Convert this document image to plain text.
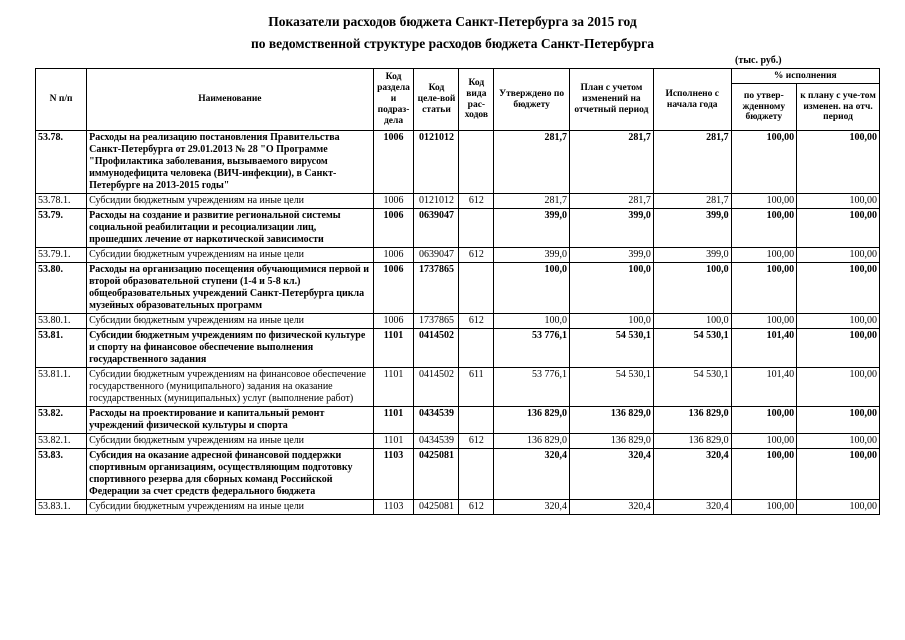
Показатели расходов бюджета Санкт-Петербурга за 2015 год
по ведомственной структуре расходов бюджета Санкт-Петербурга
(тыс. руб.)
N п/п	Наименование	Код раздела и подраз-дела	Код целе-вой статьи	Код вида рас-ходов	Утверждено по бюджету	План с учетом изменений на отчетный период	Исполнено с начала года	% исполнения	
								по утвер-жденному бюджету	к плану с уче-том изменен. на отч. период
53.78.	Расходы на реализацию постановления Правительства Санкт-Петербурга от 29.01.2013 № 28 "О Программе "Профилактика заболевания, вызываемого вирусом иммунодефицита человека (ВИЧ-инфекции), в Санкт-Петербурге на 2013-2015 годы"	1006	0121012		281,7	281,7	281,7	100,00	100,00
53.78.1.	Субсидии бюджетным учреждениям на иные цели	1006	0121012	612	281,7	281,7	281,7	100,00	100,00
53.79.	Расходы на создание и развитие региональной системы социальной реабилитации и ресоциализации лиц, прошедших лечение от наркотической зависимости	1006	0639047		399,0	399,0	399,0	100,00	100,00
53.79.1.	Субсидии бюджетным учреждениям на иные цели	1006	0639047	612	399,0	399,0	399,0	100,00	100,00
53.80.	Расходы на организацию посещения обучающимися первой и второй образовательной ступени (1-4 и 5-8 кл.) общеобразовательных учреждений Санкт-Петербурга цикла музейных образовательных программ	1006	1737865		100,0	100,0	100,0	100,00	100,00
53.80.1.	Субсидии бюджетным учреждениям на иные цели	1006	1737865	612	100,0	100,0	100,0	100,00	100,00
53.81.	Субсидии бюджетным учреждениям по физической культуре и спорту на финансовое обеспечение выполнения государственного задания	1101	0414502		53 776,1	54 530,1	54 530,1	101,40	100,00
53.81.1.	Субсидии бюджетным учреждениям на финансовое обеспечение государственного (муниципального) задания на оказание государственных (муниципальных) услуг (выполнение работ)	1101	0414502	611	53 776,1	54 530,1	54 530,1	101,40	100,00
53.82.	Расходы на проектирование и капитальный ремонт учреждений физической культуры и спорта	1101	0434539		136 829,0	136 829,0	136 829,0	100,00	100,00
53.82.1.	Субсидии бюджетным учреждениям на иные цели	1101	0434539	612	136 829,0	136 829,0	136 829,0	100,00	100,00
53.83.	Субсидия на оказание адресной финансовой поддержки спортивным организациям, осуществляющим подготовку спортивного резерва для сборных команд Российской Федерации за счет средств федерального бюджета	1103	0425081		320,4	320,4	320,4	100,00	100,00
53.83.1.	Субсидии бюджетным учреждениям на иные цели	1103	0425081	612	320,4	320,4	320,4	100,00	100,00
